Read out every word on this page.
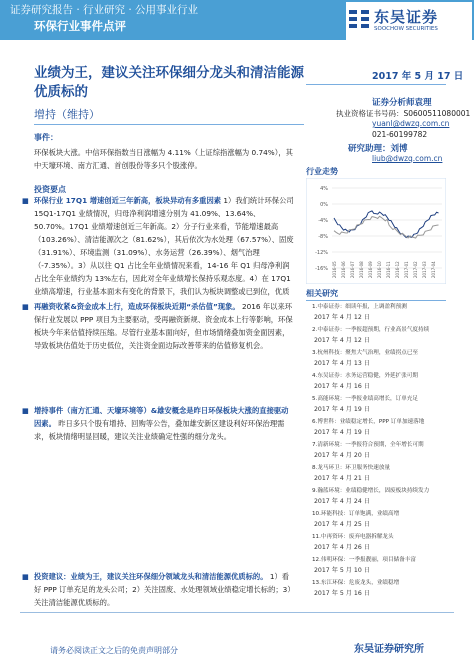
证券研究报告 · 行业研究 · 公用事业行业
环保行业事件点评	东吴证券
SOOCHOW SECURITIES
业绩为王，建议关注环保细分龙头和清洁能源优质标的
增持（维持）
2017 年 5 月 17 日
证券分析师袁理
执业资格证书号码：S0600511080001
yuanl@dwzq.com.cn
021-60199782
研究助理：刘博
liub@dwzq.com.cn
事件：
环保板块大涨。中信环保指数当日涨幅为 4.11%（上证综指涨幅为 0.74%），其中天壕环境、南方汇通、首创股份等多只个股涨停。
投资要点
■ 环保行业 17Q1 增速创近三年新高，板块异动有多重因素 1）我们统计环保公司 15Q1-17Q1 业绩情况，归母净利润增速分别为 41.09%、13.64%、50.70%。17Q1 业绩增速创近三年新高。2）分子行业来看，节能增速最高（103.26%）、清洁能源次之（81.62%），其后依次为水处理（67.57%）、固废（31.91%）、环境监测（31.09%）、水务运营（26.39%）、烟气治理（-7.35%）。3）从以往 Q1 占比全年业绩情况来看，14-16 年 Q1 归母净利润占比全年业绩约为 13%左右，因此对全年业绩增长保持乐观态度。4）在 17Q1 业绩高增速，行业基本面未有变化的背景下，我们认为板块调整或已到位，优质
■ 再融资收紧&资金成本上行，造成环保板块近期“杀估值”现象。 2016 年以来环保行业发展以 PPP 项目为主要驱动，受再融资新规、资金成本上行等影响，环保板块今年来估值持续压缩。尽管行业基本面向好，但市场情绪叠加资金面因素，导致板块估值处于历史低位，关注资金面边际改善带来的估值修复机会。
■ 增持事件（南方汇通、天壕环境等）&雄安概念是昨日环保板块大涨的直接驱动因素。 昨日多只个股有增持、回购等公告，叠加雄安新区建设利好环保治理需求，板块情绪明显回暖，建议关注业绩确定性强的细分龙头。
■ 投资建议：业绩为王，建议关注环保细分领域龙头和清洁能源优质标的。 1）看好 PPP 订单充足的龙头公司；2）关注固废、水处理领域业绩稳定增长标的；3）关注清洁能源优质标的。
行业走势
4%
0%
-4%
-8%
-12%
-16% 2016-05 2016-06 2016-07 2016-08 2016-09 2016-10 2016-11 2016-12 2017-01 2017-02 2017-03 2017-04
相关研究
1.中泰证券：细读年报，上调盈利预测
2017 年 4 月 12 日
2.中泰证券：一季报超预期，行业高景气度持续
2017 年 4 月 12 日
3.杭州科技：聚焦大气治理，业绩拐点已至
2017 年 4 月 13 日
4.东吴证券：水务运营稳健，外延扩张可期
2017 年 4 月 16 日
5.高能环境：一季报业绩高增长，订单充足
2017 年 4 月 19 日
6.博世科：业绩稳定增长，PPP 订单加速落地
2017 年 4 月 19 日
7.清新环境：一季报符合预期，全年增长可期
2017 年 4 月 20 日
8.龙马环卫：环卫服务快速放量
2017 年 4 月 21 日
9.瀚蓝环境：业绩稳健增长，固废板块持续发力
2017 年 4 月 24 日
10.环能科技：订单饱满，业绩高增
2017 年 4 月 25 日
11.中再资环：废弃电器拆解龙头
2017 年 4 月 26 日
12.伟明环保：一季报靓丽，项目储备丰富
2017 年 5 月 10 日
13.东江环保：危废龙头，业绩稳增
2017 年 5 月 16 日
请务必阅读正文之后的免责声明部分	东吴证券研究所
